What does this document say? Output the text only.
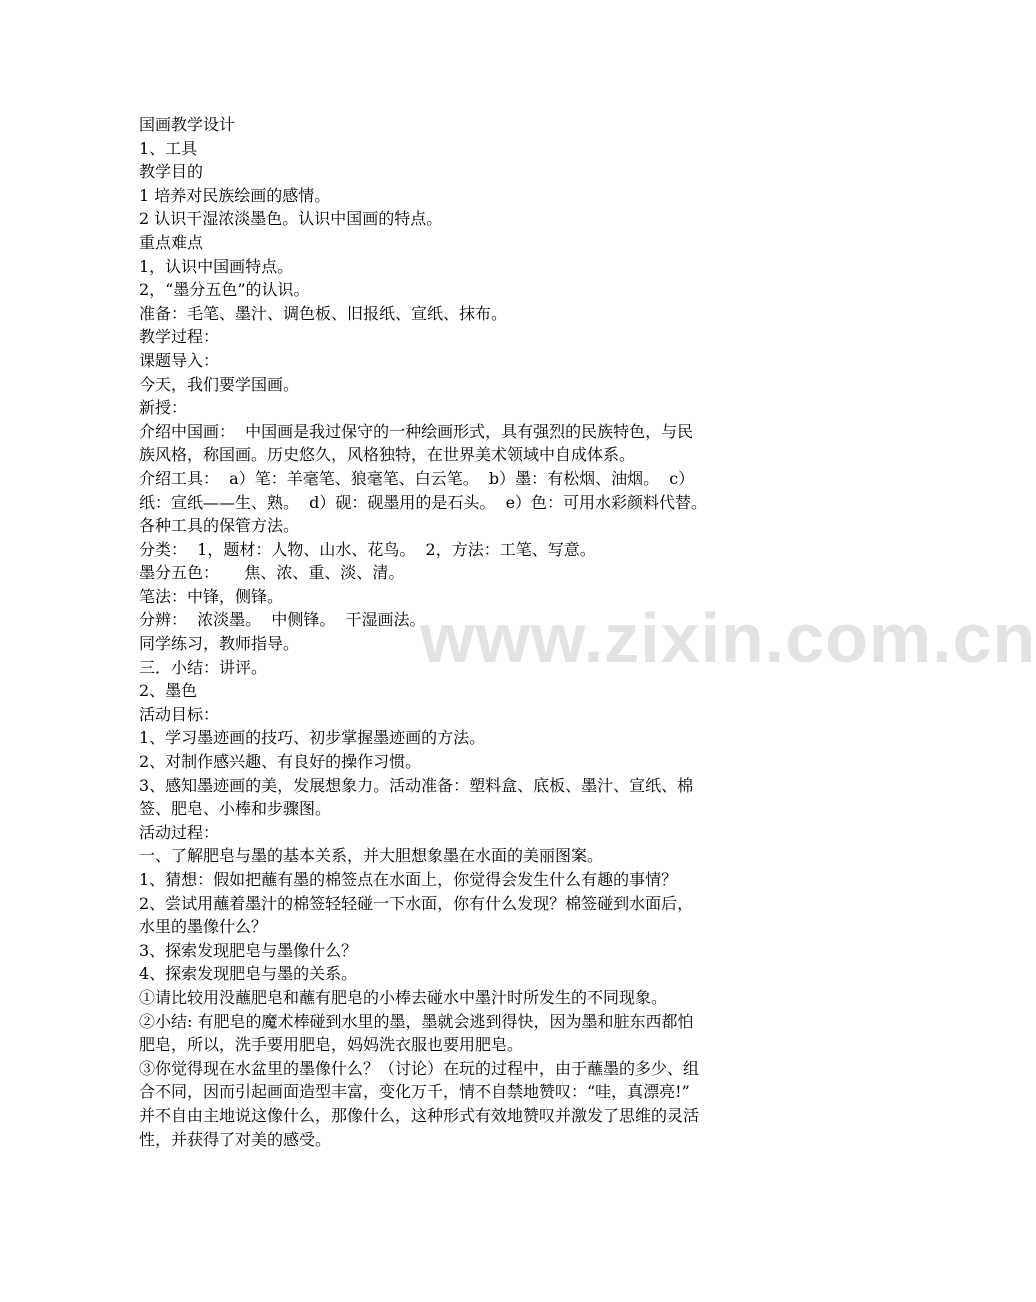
国画教学设计
1、工具
教学目的
1 培养对民族绘画的感情。
2 认识干湿浓淡墨色。认识中国画的特点。
重点难点
1，认识中国画特点。
2，“墨分五色”的认识。
准备：毛笔、墨汁、调色板、旧报纸、宣纸、抹布。
教学过程：
课题导入：
今天，我们要学国画。
新授：
介绍中国画：  中国画是我过保守的一种绘画形式，具有强烈的民族特色，与民
族风格，称国画。历史悠久，风格独特，在世界美术领域中自成体系。
介绍工具：  a）笔：羊毫笔、狼毫笔、白云笔。  b）墨：有松烟、油烟。  c）
纸：宣纸——生、熟。  d）砚：砚墨用的是石头。  e）色：可用水彩颜料代替。
各种工具的保管方法。
分类：  1，题材：人物、山水、花鸟。  2，方法：工笔、写意。
墨分五色：     焦、浓、重、淡、清。
笔法：中锋，侧锋。
分辨：  浓淡墨。  中侧锋。  干湿画法。
同学练习，教师指导。
三．小结：讲评。
2、墨色
活动目标：
1、学习墨迹画的技巧、初步掌握墨迹画的方法。
2、对制作感兴趣、有良好的操作习惯。
3、感知墨迹画的美，发展想象力。活动准备：塑料盒、底板、墨汁、宣纸、棉
签、肥皂、小棒和步骤图。
活动过程：
一、了解肥皂与墨的基本关系，并大胆想象墨在水面的美丽图案。
1、猜想：假如把蘸有墨的棉签点在水面上，你觉得会发生什么有趣的事情？
2、尝试用蘸着墨汁的棉签轻轻碰一下水面，你有什么发现？棉签碰到水面后，
水里的墨像什么？
3、探索发现肥皂与墨像什么？
4、探索发现肥皂与墨的关系。
①请比较用没蘸肥皂和蘸有肥皂的小棒去碰水中墨汁时所发生的不同现象。
②小结: 有肥皂的魔术棒碰到水里的墨，墨就会逃到得快，因为墨和脏东西都怕
肥皂，所以，洗手要用肥皂，妈妈洗衣服也要用肥皂。
③你觉得现在水盆里的墨像什么？（讨论）在玩的过程中，由于蘸墨的多少、组
合不同，因而引起画面造型丰富，变化万千，情不自禁地赞叹：“哇，真漂亮!”
并不自由主地说这像什么，那像什么，这种形式有效地赞叹并激发了思维的灵活
性，并获得了对美的感受。
www.zixin.com.cn
